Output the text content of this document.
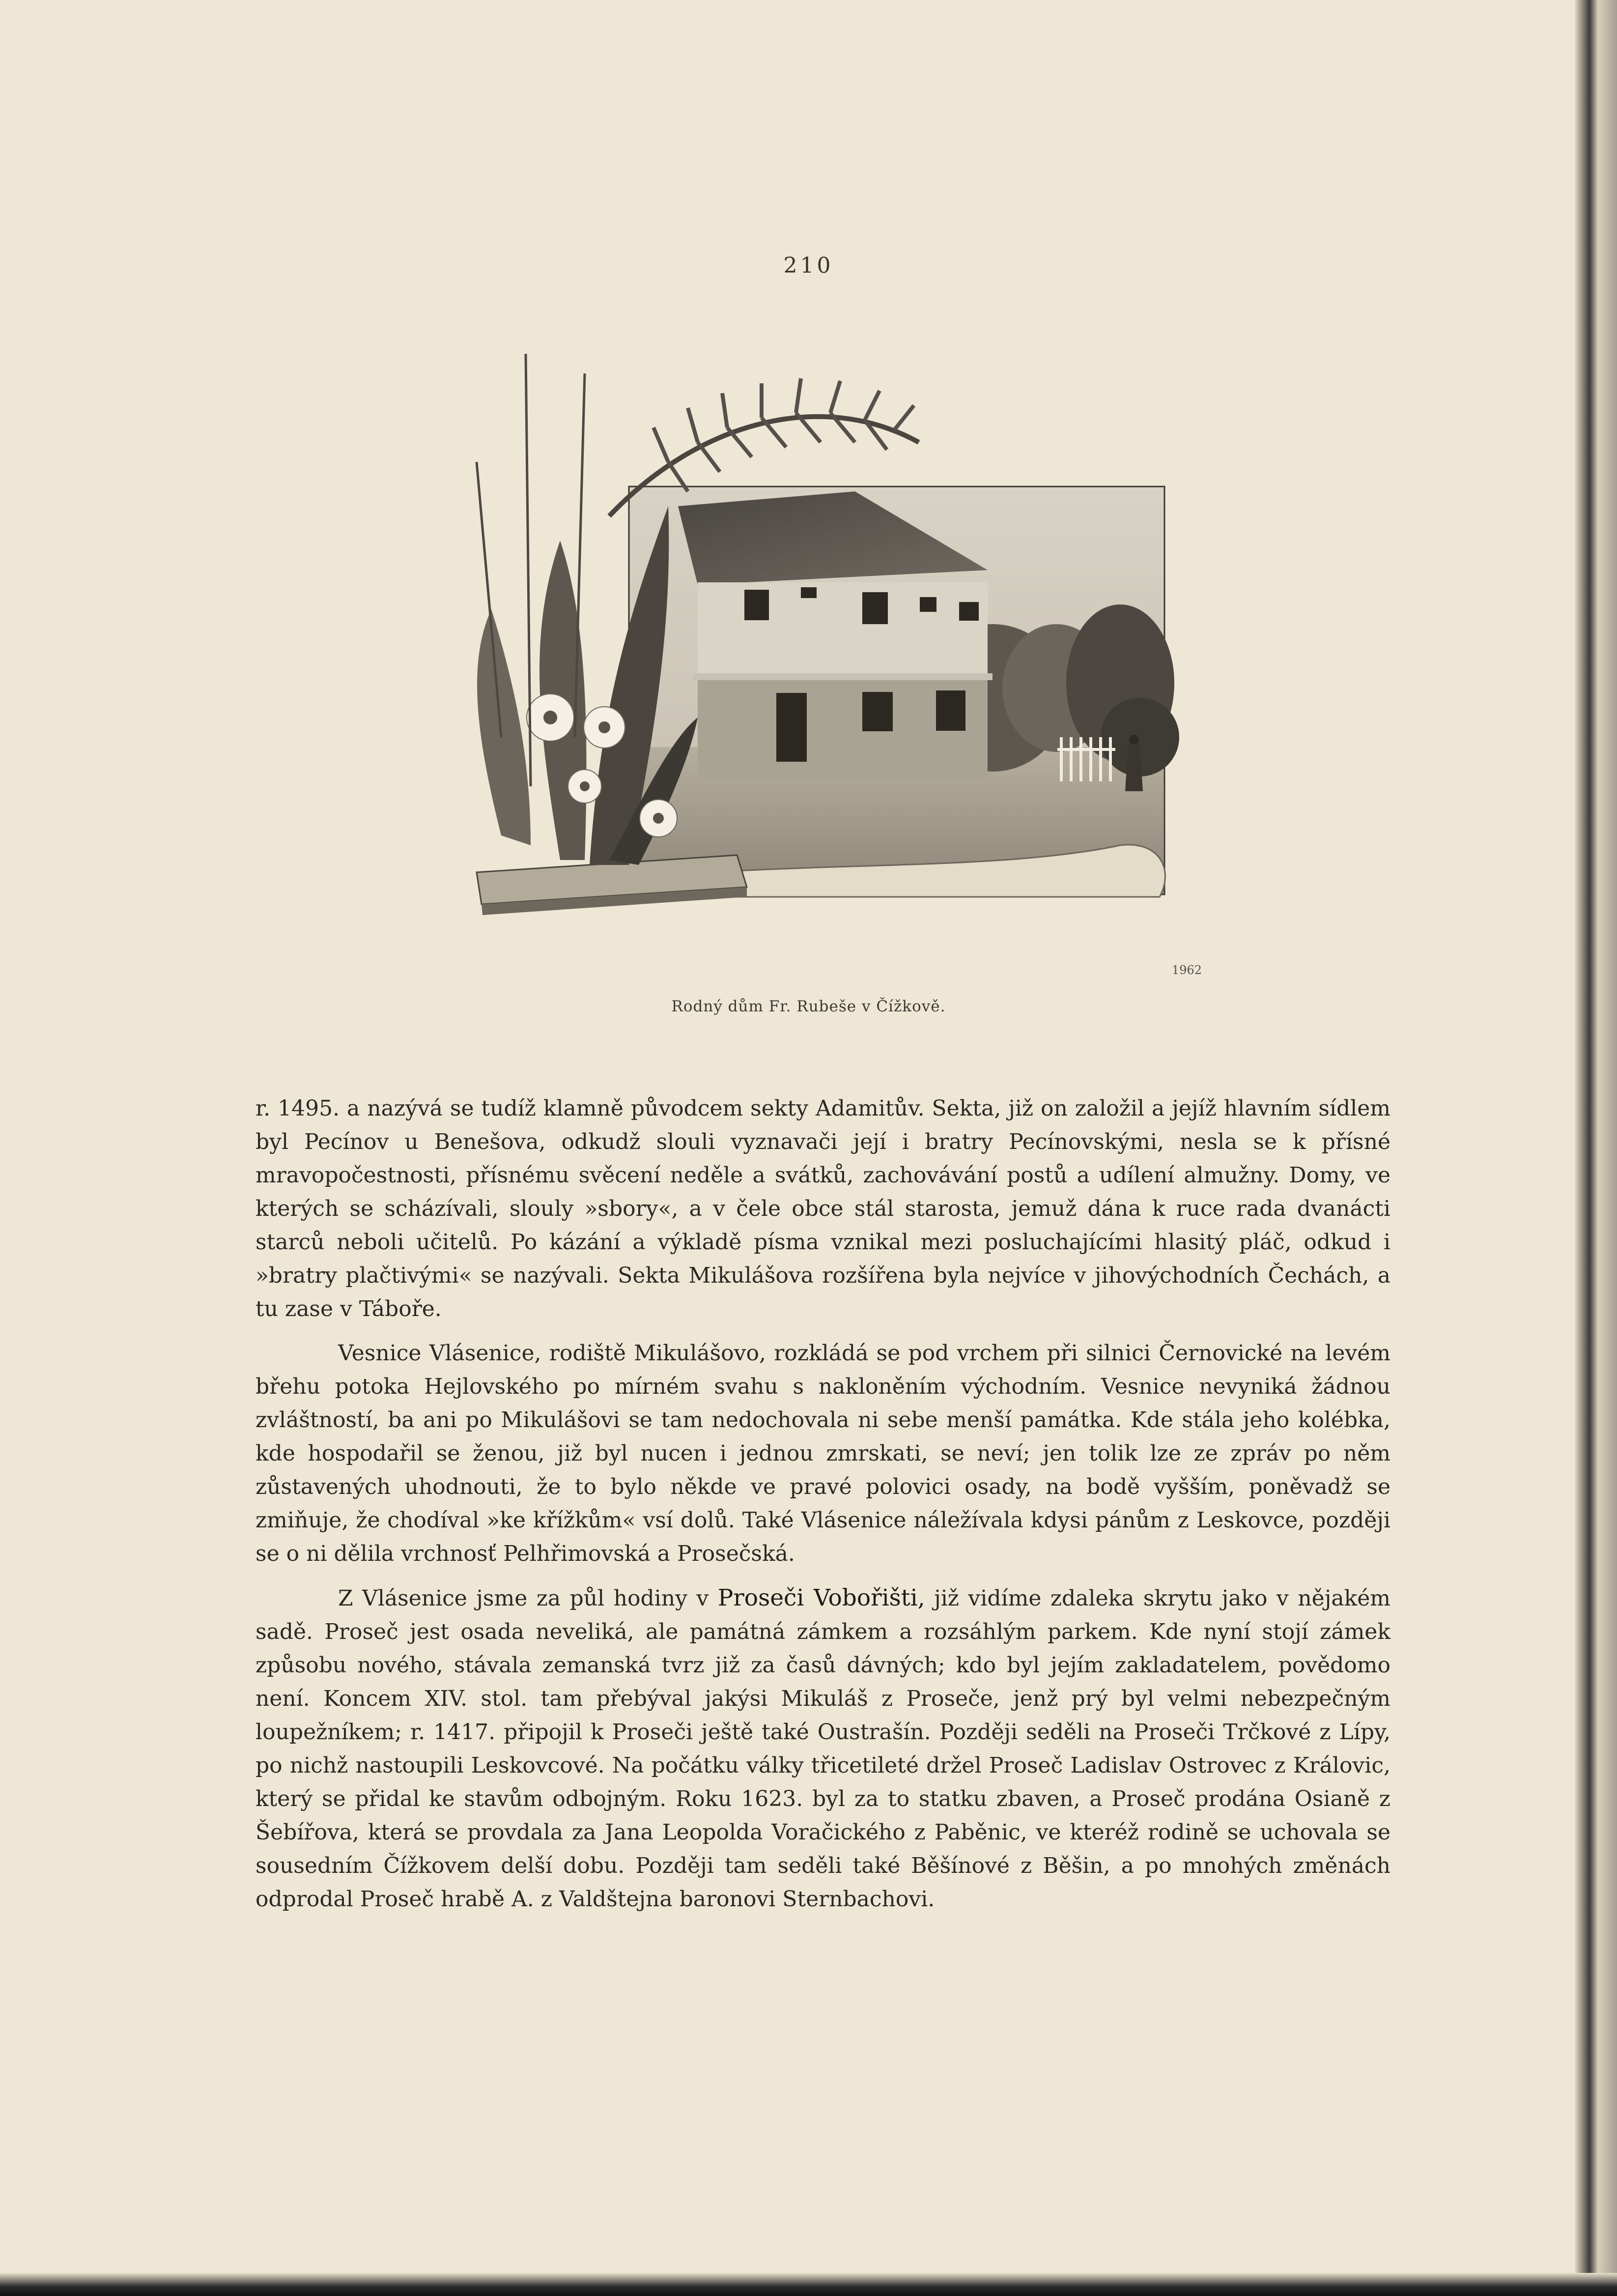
210
1962
Rodný dům Fr. Rubeše v Čížkově.

r. 1495. a nazývá se tudíž klamně původcem sekty Adamitův. Sekta, již on založil a jejíž hlavním sídlem byl Pecínov u Benešova, odkudž slouli vyznavači její i bratry Pecínovskými, nesla se k přísné mravopočestnosti, přísnému svěcení neděle a svátků, zachovávání postů a udílení almužny. Domy, ve kterých se scházívali, slouly »sbory«, a v čele obce stál starosta, jemuž dána k ruce rada dvanácti starců neboli učitelů. Po kázání a výkladě písma vznikal mezi posluchajícími hlasitý pláč, odkud i »bratry plačtivými« se nazývali. Sekta Mikulášova rozšířena byla nejvíce v jihovýchodních Čechách, a tu zase v Táboře.

Vesnice Vlásenice, rodiště Mikulášovo, rozkládá se pod vrchem při silnici Černovické na levém břehu potoka Hejlovského po mírném svahu s nakloněním východním. Vesnice nevyniká žádnou zvláštností, ba ani po Mikulášovi se tam nedochovala ni sebe menší památka. Kde stála jeho kolébka, kde hospodařil se ženou, již byl nucen i jednou zmrskati, se neví; jen tolik lze ze zpráv po něm zůstavených uhodnouti, že to bylo někde ve pravé polovici osady, na bodě vyšším, poněvadž se zmiňuje, že chodíval »ke křížkům« vsí dolů. Také Vlásenice náležívala kdysi pánům z Leskovce, později se o ni dělila vrchnosť Pelhřimovská a Prosečská.

Z Vlásenice jsme za půl hodiny v Proseči Vobořišti, již vidíme zdaleka skrytu jako v nějakém sadě. Proseč jest osada neveliká, ale památná zámkem a rozsáhlým parkem. Kde nyní stojí zámek způsobu nového, stávala zemanská tvrz již za časů dávných; kdo byl jejím zakladatelem, povědomo není. Koncem XIV. stol. tam přebýval jakýsi Mikuláš z Proseče, jenž prý byl velmi nebezpečným loupežníkem; r. 1417. připojil k Proseči ještě také Oustrašín. Později seděli na Proseči Trčkové z Lípy, po nichž nastoupili Leskovcové. Na počátku války třicetileté držel Proseč Ladislav Ostrovec z Královic, který se přidal ke stavům odbojným. Roku 1623. byl za to statku zbaven, a Proseč prodána Osianě z Šebířova, která se provdala za Jana Leopolda Voračického z Paběnic, ve kteréž rodině se uchovala se sousedním Čížkovem delší dobu. Později tam seděli také Běšínové z Běšin, a po mnohých změnách odprodal Proseč hrabě A. z Valdštejna baronovi Sternbachovi.
